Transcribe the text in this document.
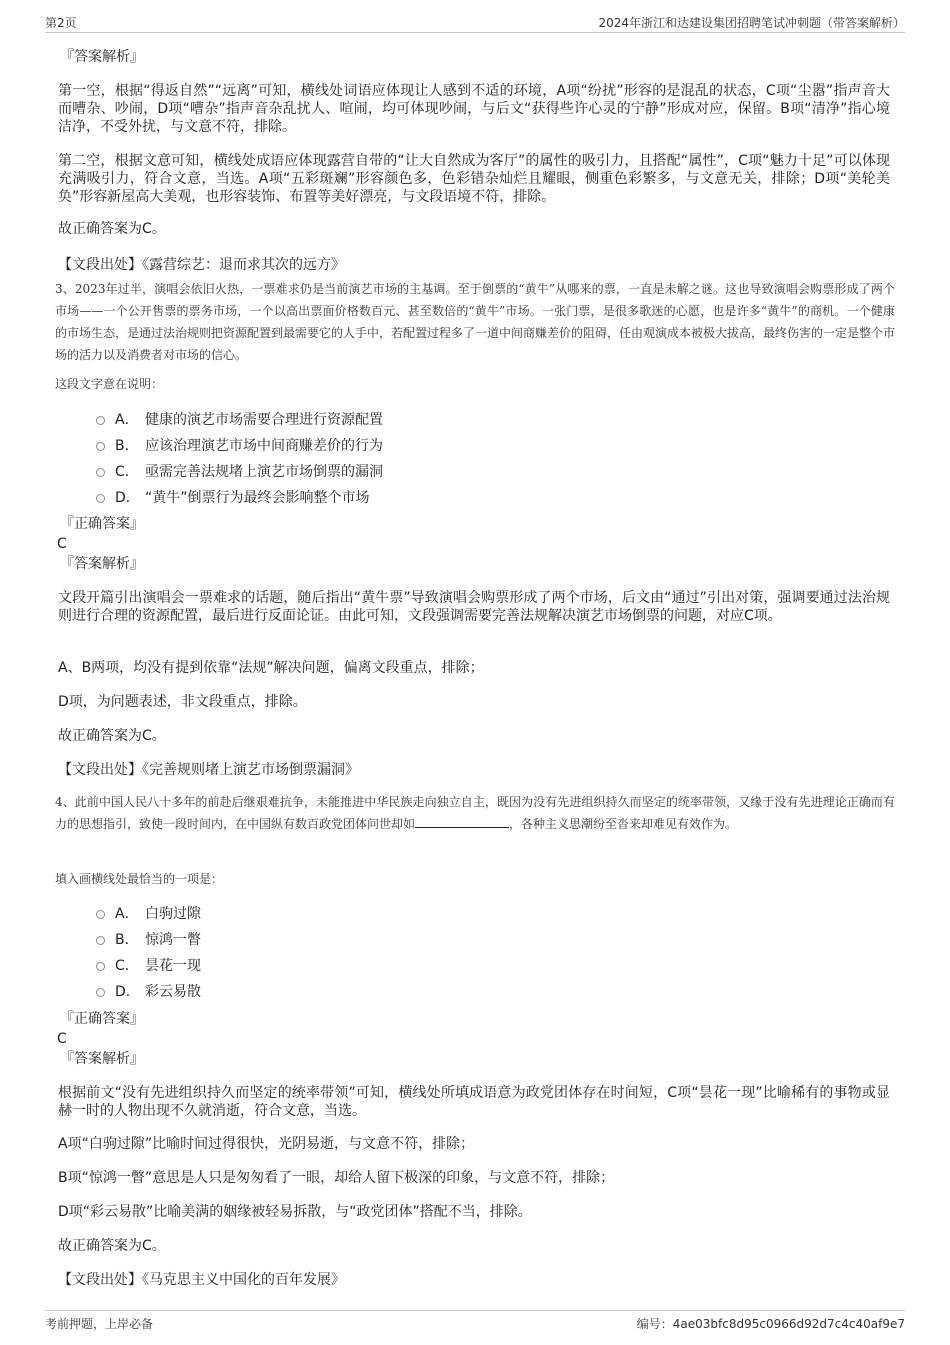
第2页	2024年浙江和达建设集团招聘笔试冲刺题（带答案解析）
『答案解析』
第一空，根据“得返自然”“远离”可知，横线处词语应体现让人感到不适的环境，A项“纷扰”形容的是混乱的状态，C项“尘嚣”指声音大而嘈杂、吵闹，D项“嘈杂”指声音杂乱扰人、喧闹，均可体现吵闹，与后文“获得些许心灵的宁静”形成对应，保留。B项“清净”指心境洁净，不受外扰，与文意不符，排除。
第二空，根据文意可知，横线处成语应体现露营自带的“让大自然成为客厅”的属性的吸引力，且搭配“属性”，C项“魅力十足”可以体现充满吸引力，符合文意，当选。A项“五彩斑斓”形容颜色多，色彩错杂灿烂且耀眼，侧重色彩繁多，与文意无关，排除；D项“美轮美奂”形容新屋高大美观，也形容装饰、布置等美好漂亮，与文段语境不符，排除。
故正确答案为C。
【文段出处】《露营综艺：退而求其次的远方》
3、2023年过半，演唱会依旧火热，一票难求仍是当前演艺市场的主基调。至于倒票的“黄牛”从哪来的票，一直是未解之谜。这也导致演唱会购票形成了两个市场——一个公开售票的票务市场，一个以高出票面价格数百元、甚至数倍的“黄牛”市场。一张门票，是很多歌迷的心愿，也是许多“黄牛”的商机。一个健康的市场生态，是通过法治规则把资源配置到最需要它的人手中，若配置过程多了一道中间商赚差价的阻碍，任由观演成本被极大拔高，最终伤害的一定是整个市场的活力以及消费者对市场的信心。
这段文字意在说明：
A． 健康的演艺市场需要合理进行资源配置
B． 应该治理演艺市场中间商赚差价的行为
C． 亟需完善法规堵上演艺市场倒票的漏洞
D． “黄牛”倒票行为最终会影响整个市场
『正确答案』
C
『答案解析』
文段开篇引出演唱会一票难求的话题，随后指出“黄牛票”导致演唱会购票形成了两个市场，后文由“通过”引出对策，强调要通过法治规则进行合理的资源配置，最后进行反面论证。由此可知，文段强调需要完善法规解决演艺市场倒票的问题，对应C项。
A、B两项，均没有提到依靠“法规”解决问题，偏离文段重点，排除；
D项，为问题表述，非文段重点，排除。
故正确答案为C。
【文段出处】《完善规则堵上演艺市场倒票漏洞》
4、此前中国人民八十多年的前赴后继艰难抗争，未能推进中华民族走向独立自主，既因为没有先进组织持久而坚定的统率带领，又缘于没有先进理论正确而有力的思想指引，致使一段时间内，在中国纵有数百政党团体问世却如	，各种主义思潮纷至沓来却难见有效作为。
填入画横线处最恰当的一项是：
A． 白驹过隙
B． 惊鸿一瞥
C． 昙花一现
D． 彩云易散
『正确答案』
C
『答案解析』
根据前文“没有先进组织持久而坚定的统率带领”可知，横线处所填成语意为政党团体存在时间短，C项“昙花一现”比喻稀有的事物或显赫一时的人物出现不久就消逝，符合文意，当选。
A项“白驹过隙”比喻时间过得很快，光阴易逝，与文意不符，排除；
B项“惊鸿一瞥”意思是人只是匆匆看了一眼，却给人留下极深的印象，与文意不符，排除；
D项“彩云易散”比喻美满的姻缘被轻易拆散，与“政党团体”搭配不当，排除。
故正确答案为C。
【文段出处】《马克思主义中国化的百年发展》
考前押题，上岸必备	编号：4ae03bfc8d95c0966d92d7c4c40af9e7
